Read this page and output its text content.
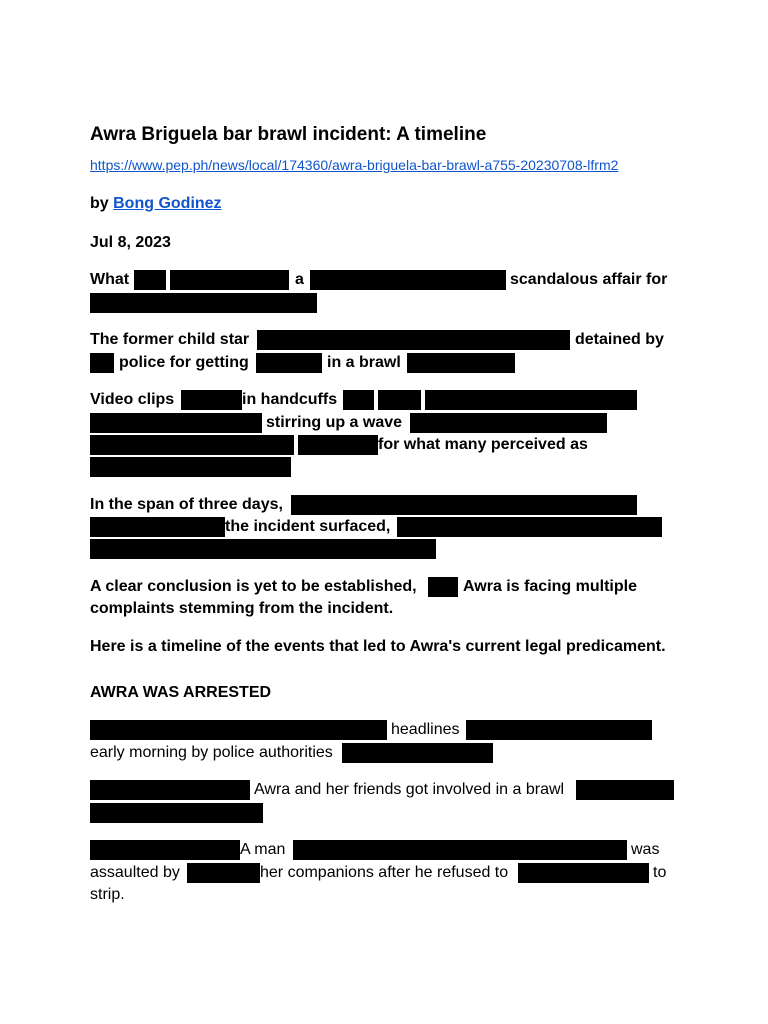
Awra Briguela bar brawl incident: A timeline
https://www.pep.ph/news/local/174360/awra-briguela-bar-brawl-a755-20230708-lfrm2
by Bong Godinez
Jul 8, 2023
What	a	scandalous affair for
The former child star	detained by
police for getting	in a brawl
Video clips	in handcuffs
stirring up a wave
for what many perceived as
In the span of three days,
the incident surfaced,
A clear conclusion is yet to be established,	Awra is facing multiple
complaints stemming from the incident.
Here is a timeline of the events that led to Awra's current legal predicament.
AWRA WAS ARRESTED
headlines
early morning by police authorities
Awra and her friends got involved in a brawl
A man	was
assaulted by	her companions after he refused to	to
strip.
